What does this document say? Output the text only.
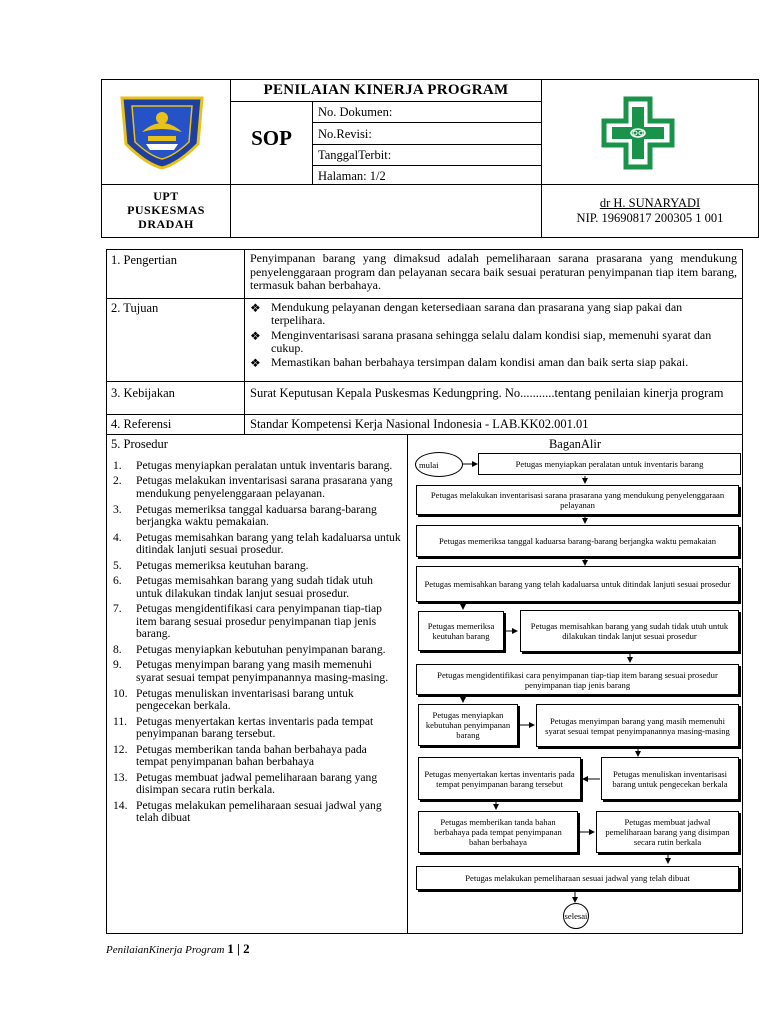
PENILAIAN KINERJA PROGRAM
SOP
No. Dokumen:
No.Revisi:
TanggalTerbit:
Halaman: 1/2
UPT
PUSKESMAS
DRADAH
dr H. SUNARYADI
NIP. 19690817 200305 1 001
1. Pengertian	Penyimpanan barang yang dimaksud adalah pemeliharaan sarana prasarana yang mendukung penyelenggaraan program dan pelayanan secara baik sesuai peraturan penyimpanan tiap item barang, termasuk bahan berbahaya.
2. Tujuan	❖ Mendukung pelayanan dengan ketersediaan sarana dan prasarana yang siap pakai dan terpelihara.
❖ Menginventarisasi sarana prasana sehingga selalu dalam kondisi siap, memenuhi syarat dan cukup.
❖ Memastikan bahan berbahaya tersimpan dalam kondisi aman dan baik serta siap pakai.
3. Kebijakan	Surat Keputusan Kepala Puskesmas Kedungpring. No...........tentang penilaian kinerja program
4. Referensi	Standar Kompetensi Kerja Nasional Indonesia - LAB.KK02.001.01
5. Prosedur
1. Petugas menyiapkan peralatan untuk inventaris barang.
2. Petugas melakukan inventarisasi sarana prasarana yang mendukung penyelenggaraan pelayanan.
3. Petugas memeriksa tanggal kaduarsa barang-barang berjangka waktu pemakaian.
4. Petugas memisahkan barang yang telah kadaluarsa untuk ditindak lanjuti sesuai prosedur.
5. Petugas memeriksa keutuhan barang.
6. Petugas memisahkan barang yang sudah tidak utuh untuk dilakukan tindak lanjut sesuai prosedur.
7. Petugas mengidentifikasi cara penyimpanan tiap-tiap item barang sesuai prosedur penyimpanan tiap jenis barang.
8. Petugas menyiapkan kebutuhan penyimpanan barang.
9. Petugas menyimpan barang yang masih memenuhi syarat sesuai tempat penyimpanannya masing-masing.
10. Petugas menuliskan inventarisasi barang untuk pengecekan berkala.
11. Petugas menyertakan kertas inventaris pada tempat penyimpanan barang tersebut.
12. Petugas memberikan tanda bahan berbahaya pada tempat penyimpanan bahan berbahaya
13. Petugas membuat jadwal pemeliharaan barang yang disimpan secara rutin berkala.
14. Petugas melakukan pemeliharaan sesuai jadwal yang telah dibuat
BaganAlir
mulai	Petugas menyiapkan peralatan untuk inventaris barang
Petugas melakukan inventarisasi sarana prasarana yang mendukung penyelenggaraan pelayanan
Petugas memeriksa tanggal kaduarsa barang-barang berjangka waktu pemakaian
Petugas memisahkan barang yang telah kadaluarsa untuk ditindak lanjuti sesuai prosedur
Petugas memeriksa keutuhan barang
Petugas memisahkan barang yang sudah tidak utuh untuk dilakukan tindak lanjut sesuai prosedur
Petugas mengidentifikasi cara penyimpanan tiap-tiap item barang sesuai prosedur penyimpanan tiap jenis barang
Petugas menyiapkan kebutuhan penyimpanan barang
Petugas menyimpan barang yang masih memenuhi syarat sesuai tempat penyimpanannya masing-masing
Petugas menyertakan kertas inventaris pada tempat penyimpanan barang tersebut
Petugas menuliskan inventarisasi barang untuk pengecekan berkala
Petugas memberikan tanda bahan berbahaya pada tempat penyimpanan bahan berbahaya
Petugas membuat jadwal pemeliharaan barang yang disimpan secara rutin berkala
Petugas melakukan pemeliharaan sesuai jadwal yang telah dibuat
selesai
PenilaianKinerja Program 1 | 2
